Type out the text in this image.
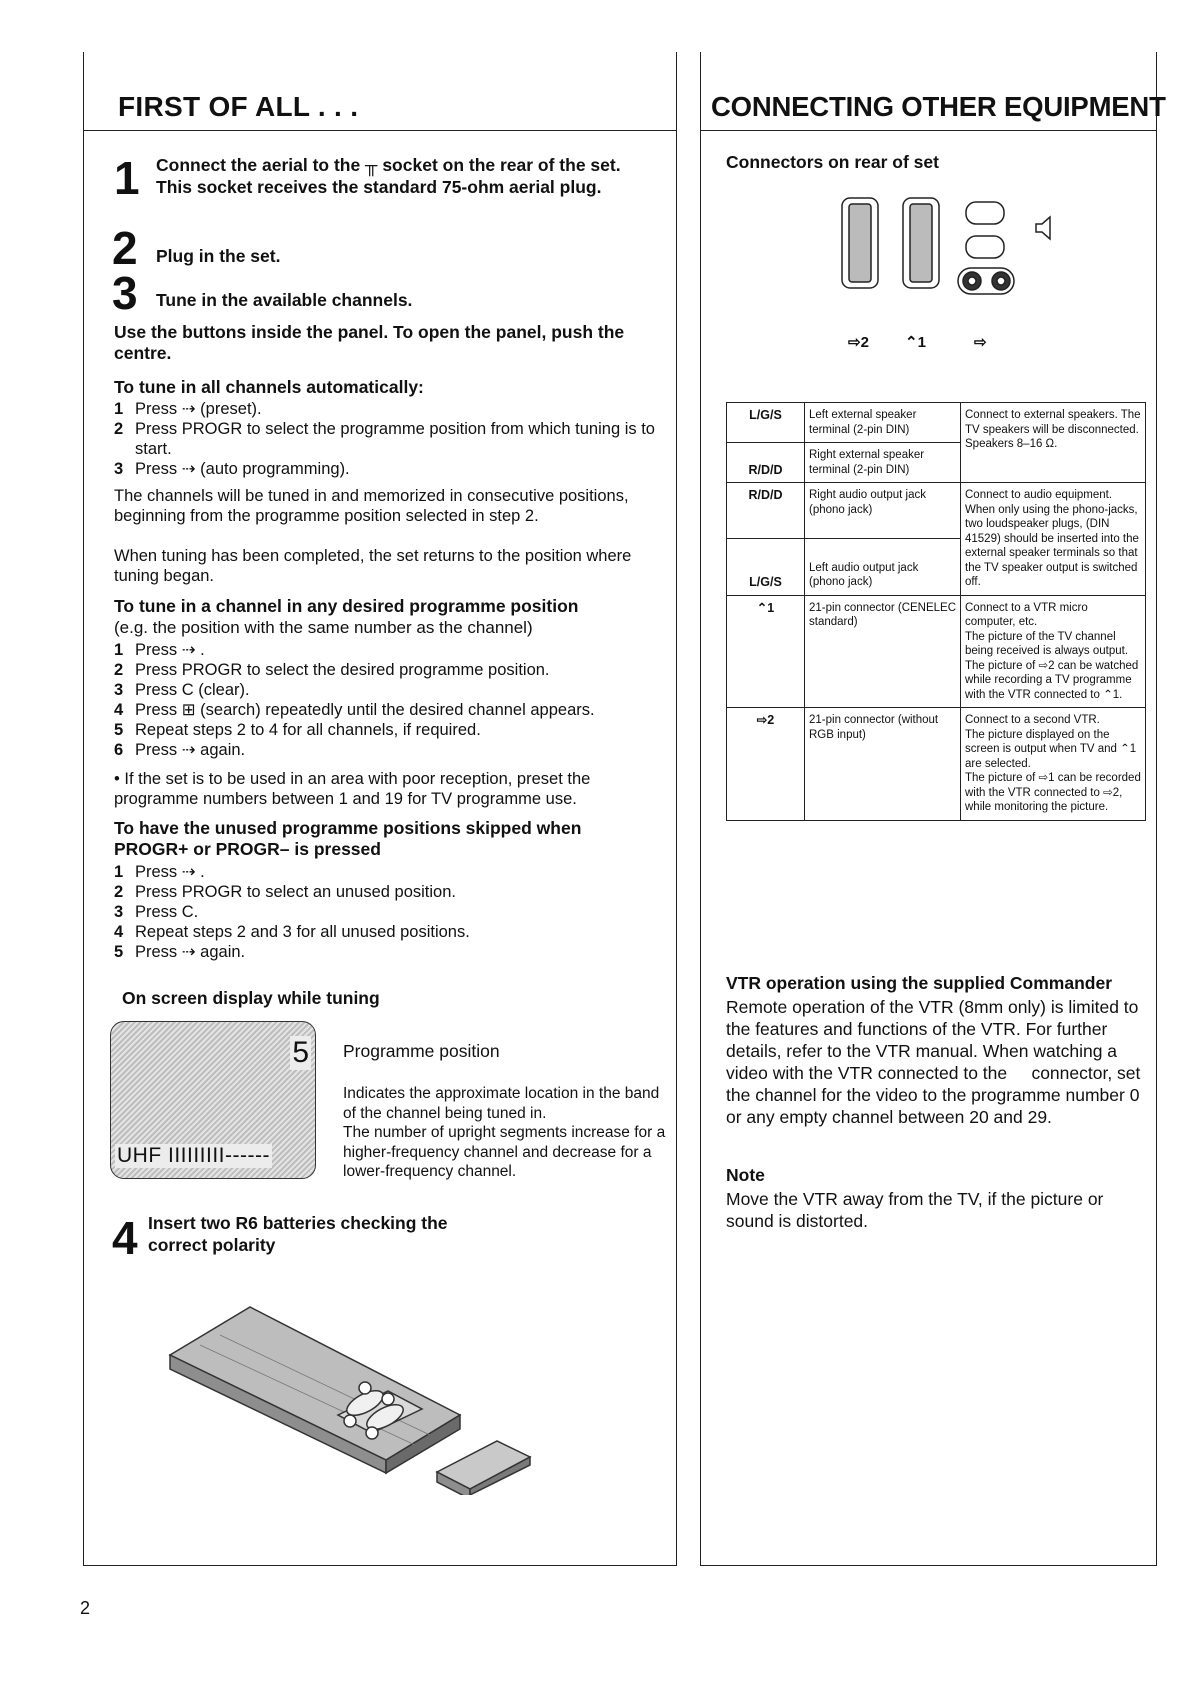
FIRST OF ALL . . .
1 Connect the aerial to the ╥ socket on the rear of the set. This socket receives the standard 75-ohm aerial plug.
2 Plug in the set.
3 Tune in the available channels.
Use the buttons inside the panel. To open the panel, push the centre.
To tune in all channels automatically:
1 Press ⇢ (preset).
2 Press PROGR to select the programme position from which tuning is to start.
3 Press ⇢ (auto programming).
The channels will be tuned in and memorized in consecutive positions, beginning from the programme position selected in step 2.
When tuning has been completed, the set returns to the position where tuning began.
To tune in a channel in any desired programme position
(e.g. the position with the same number as the channel)
1 Press ⇢ .
2 Press PROGR to select the desired programme position.
3 Press C (clear).
4 Press ⊞ (search) repeatedly until the desired channel appears.
5 Repeat steps 2 to 4 for all channels, if required.
6 Press ⇢ again.
• If the set is to be used in an area with poor reception, preset the programme numbers between 1 and 19 for TV programme use.
To have the unused programme positions skipped when PROGR+ or PROGR– is pressed
1 Press ⇢ .
2 Press PROGR to select an unused position.
3 Press C.
4 Repeat steps 2 and 3 for all unused positions.
5 Press ⇢ again.
On screen display while tuning
5
UHF IIIIIIIII------
Programme position
Indicates the approximate location in the band of the channel being tuned in.
The number of upright segments increase for a higher-frequency channel and decrease for a lower-frequency channel.
4 Insert two R6 batteries checking the correct polarity
CONNECTING OTHER EQUIPMENT
Connectors on rear of set
⇨2 ⌃1	⇨
L/G/S	Left external speaker terminal (2-pin DIN)	Connect to external speakers. The TV speakers will be disconnected.
Speakers 8–16 Ω.
R/D/D	Right external speaker terminal (2-pin DIN)	
R/D/D	Right audio output jack (phono jack)	Connect to audio equipment. When only using the phono-jacks, two loudspeaker plugs, (DIN 41529) should be inserted into the external speaker terminals so that the TV speaker output is switched off.
L/G/S	Left audio output jack (phono jack)	
⌃1	21-pin connector (CENELEC standard)	Connect to a VTR micro computer, etc.
The picture of the TV channel being received is always output.
The picture of ⇨2 can be watched while recording a TV programme with the VTR connected to ⌃1.
⇨2	21-pin connector (without RGB input)	Connect to a second VTR.
The picture displayed on the screen is output when TV and ⌃1 are selected.
The picture of ⇨1 can be recorded with the VTR connected to ⇨2, while monitoring the picture.
VTR operation using the supplied Commander
Remote operation of the VTR (8mm only) is limited to the features and functions of the VTR. For further details, refer to the VTR manual. When watching a video with the VTR connected to the     connector, set the channel for the video to the programme number 0 or any empty channel between 20 and 29.
Note
Move the VTR away from the TV, if the picture or sound is distorted.
2
